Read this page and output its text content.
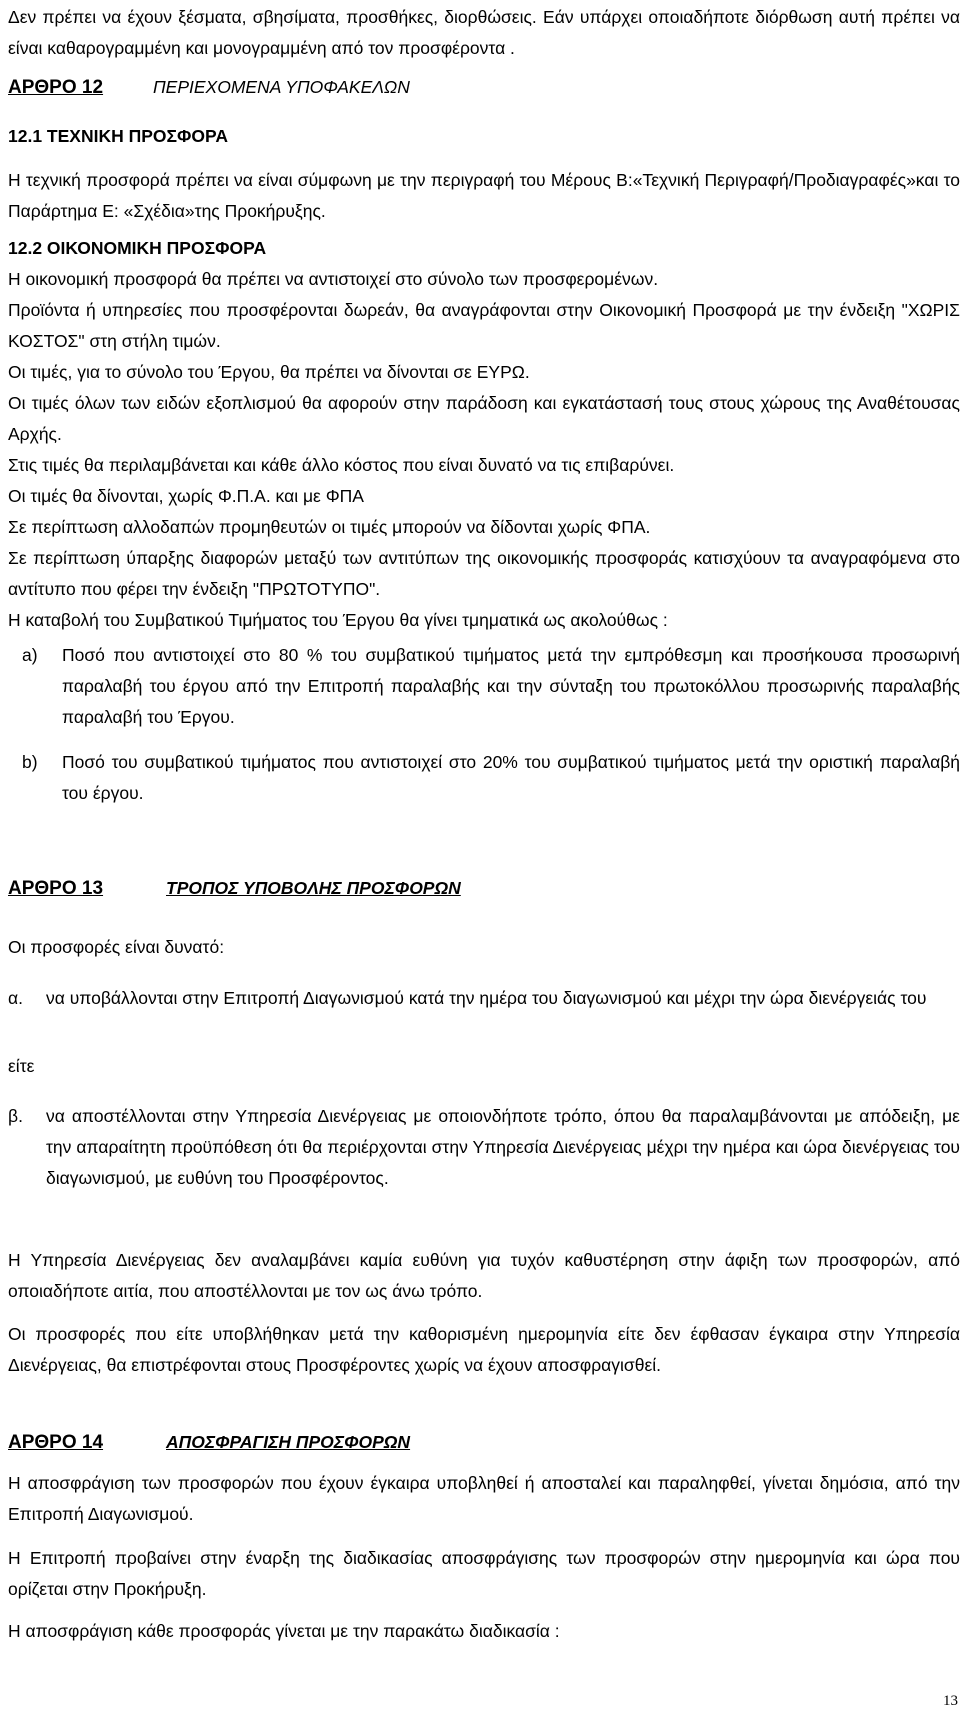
Δεν πρέπει να έχουν ξέσματα, σβησίματα, προσθήκες, διορθώσεις. Εάν υπάρχει οποιαδήποτε διόρθωση αυτή πρέπει να είναι καθαρογραμμένη και μονογραμμένη από τον προσφέροντα .

ΑΡΘΡΟ 12	ΠΕΡΙΕΧΟΜΕΝΑ ΥΠΟΦΑΚΕΛΩΝ
12.1 ΤΕΧΝΙΚΗ ΠΡΟΣΦΟΡΑ

Η τεχνική προσφορά πρέπει να είναι σύμφωνη με την περιγραφή του Μέρους Β:«Τεχνική Περιγραφή/Προδιαγραφές»και το Παράρτημα Ε: «Σχέδια»της Προκήρυξης.

12.2 ΟΙΚΟΝΟΜΙΚΗ ΠΡΟΣΦΟΡΑ

Η οικονομική προσφορά θα πρέπει να αντιστοιχεί στο σύνολο των προσφερομένων.

Προϊόντα ή υπηρεσίες που προσφέρονται δωρεάν, θα αναγράφονται στην Οικονομική Προσφορά με την ένδειξη "ΧΩΡΙΣ ΚΟΣΤΟΣ" στη στήλη τιμών.

Οι τιμές, για το σύνολο του Έργου, θα πρέπει να δίνονται σε ΕΥΡΩ.

Οι τιμές όλων των ειδών εξοπλισμού θα αφορούν στην παράδοση και εγκατάστασή τους στους χώρους της Αναθέτουσας Αρχής.

Στις τιμές θα περιλαμβάνεται και κάθε άλλο κόστος που είναι δυνατό να τις επιβαρύνει.

Οι τιμές θα δίνονται, χωρίς Φ.Π.Α. και με ΦΠΑ

Σε περίπτωση αλλοδαπών προμηθευτών οι τιμές μπορούν να δίδονται χωρίς ΦΠΑ.

Σε περίπτωση ύπαρξης διαφορών μεταξύ των αντιτύπων της οικονομικής προσφοράς κατισχύουν τα αναγραφόμενα στο αντίτυπο που φέρει την ένδειξη "ΠΡΩΤΟΤΥΠΟ".

Η καταβολή του Συμβατικού Τιμήματος του Έργου θα γίνει τμηματικά ως ακολούθως :

a) Ποσό που αντιστοιχεί στο 80 % του συμβατικού τιμήματος μετά την εμπρόθεσμη και προσήκουσα προσωρινή παραλαβή του έργου από την Επιτροπή παραλαβής και την σύνταξη του πρωτοκόλλου προσωρινής παραλαβής παραλαβή του Έργου.

b) Ποσό του συμβατικού τιμήματος που αντιστοιχεί στο 20% του συμβατικού τιμήματος μετά την οριστική παραλαβή του έργου.

ΑΡΘΡΟ 13	ΤΡΟΠΟΣ ΥΠΟΒΟΛΗΣ ΠΡΟΣΦΟΡΩΝ

Οι προσφορές είναι δυνατό:

α. να υποβάλλονται στην Επιτροπή Διαγωνισμού κατά την ημέρα του διαγωνισμού και μέχρι την ώρα διενέργειάς του

είτε
β. να αποστέλλονται στην Υπηρεσία Διενέργειας με οποιονδήποτε τρόπο, όπου θα παραλαμβάνονται με απόδειξη, με την απαραίτητη προϋπόθεση ότι θα περιέρχονται στην Υπηρεσία Διενέργειας μέχρι την ημέρα και ώρα διενέργειας του διαγωνισμού, με ευθύνη του Προσφέροντος.

Η Υπηρεσία Διενέργειας δεν αναλαμβάνει καμία ευθύνη για τυχόν καθυστέρηση στην άφιξη των προσφορών, από οποιαδήποτε αιτία, που αποστέλλονται με τον ως άνω τρόπο.

Οι προσφορές που είτε υποβλήθηκαν μετά την καθορισμένη ημερομηνία είτε δεν έφθασαν έγκαιρα στην Υπηρεσία Διενέργειας, θα επιστρέφονται στους Προσφέροντες χωρίς να έχουν αποσφραγισθεί.

ΑΡΘΡΟ 14	ΑΠΟΣΦΡΑΓΙΣΗ ΠΡΟΣΦΟΡΩΝ

Η αποσφράγιση των προσφορών που έχουν έγκαιρα υποβληθεί ή αποσταλεί και παραληφθεί, γίνεται δημόσια, από την Επιτροπή Διαγωνισμού.

Η Επιτροπή προβαίνει στην έναρξη της διαδικασίας αποσφράγισης των προσφορών στην ημερομηνία και ώρα που ορίζεται στην Προκήρυξη.

Η αποσφράγιση κάθε προσφοράς γίνεται με την παρακάτω διαδικασία :

13
